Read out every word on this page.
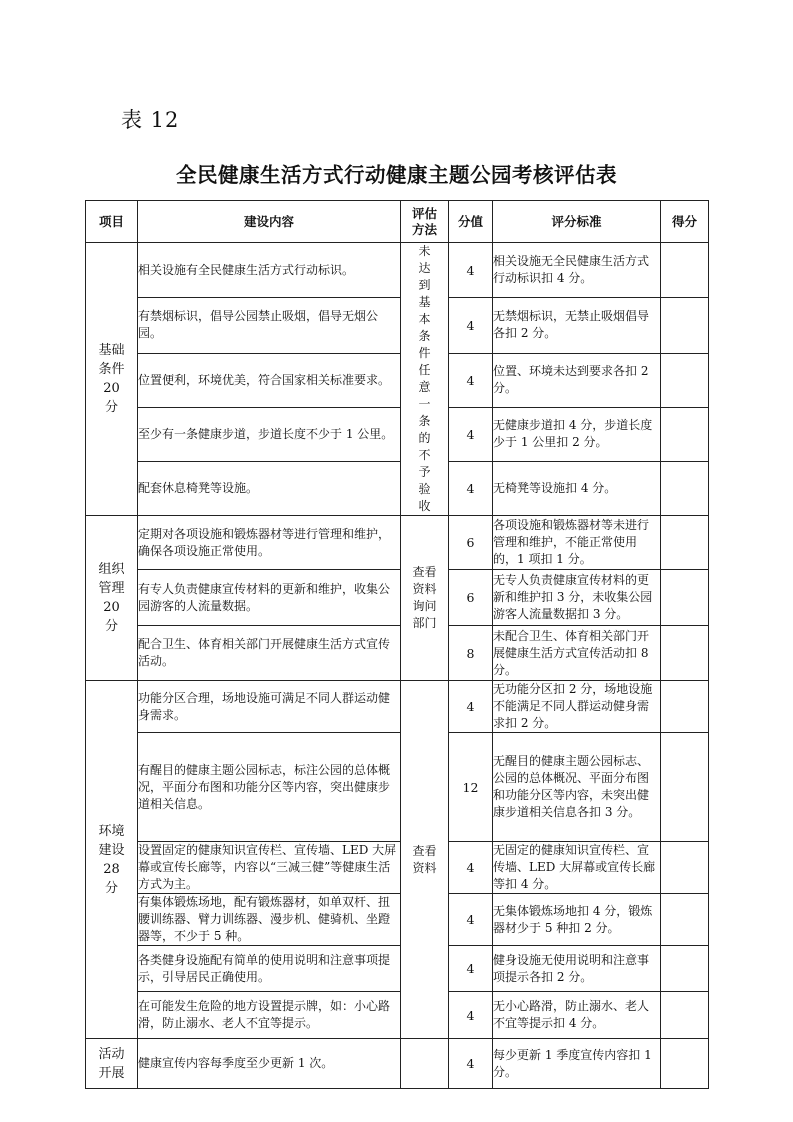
表 12
全民健康生活方式行动健康主题公园考核评估表
项目	建设内容	评估方法	分值	评分标准	得分
基础条件20分	相关设施有全民健康生活方式行动标识。	未达到基本条件任意一条的不予验收	4	相关设施无全民健康生活方式行动标识扣 4 分。	
	有禁烟标识，倡导公园禁止吸烟，倡导无烟公园。		4	无禁烟标识，无禁止吸烟倡导各扣 2 分。	
	位置便利，环境优美，符合国家相关标准要求。		4	位置、环境未达到要求各扣 2 分。	
	至少有一条健康步道，步道长度不少于 1 公里。		4	无健康步道扣 4 分，步道长度少于 1 公里扣 2 分。	
	配套休息椅凳等设施。		4	无椅凳等设施扣 4 分。	
组织管理20分	定期对各项设施和锻炼器材等进行管理和维护，确保各项设施正常使用。	查看资料询问部门	6	各项设施和锻炼器材等未进行管理和维护，不能正常使用的，1 项扣 1 分。	
	有专人负责健康宣传材料的更新和维护，收集公园游客的人流量数据。		6	无专人负责健康宣传材料的更新和维护扣 3 分，未收集公园游客人流量数据扣 3 分。	
	配合卫生、体育相关部门开展健康生活方式宣传活动。		8	未配合卫生、体育相关部门开展健康生活方式宣传活动扣 8 分。	
环境建设28分	功能分区合理，场地设施可满足不同人群运动健身需求。	查看资料	4	无功能分区扣 2 分，场地设施不能满足不同人群运动健身需求扣 2 分。	
	有醒目的健康主题公园标志，标注公园的总体概况，平面分布图和功能分区等内容，突出健康步道相关信息。		12	无醒目的健康主题公园标志、公园的总体概况、平面分布图和功能分区等内容，未突出健康步道相关信息各扣 3 分。	
	设置固定的健康知识宣传栏、宣传墙、LED 大屏幕或宣传长廊等，内容以“三减三健”等健康生活方式为主。		4	无固定的健康知识宣传栏、宣传墙、LED 大屏幕或宣传长廊等扣 4 分。	
	有集体锻炼场地，配有锻炼器材，如单双杆、扭腰训练器、臂力训练器、漫步机、健骑机、坐蹬器等，不少于 5 种。		4	无集体锻炼场地扣 4 分，锻炼器材少于 5 种扣 2 分。	
	各类健身设施配有简单的使用说明和注意事项提示，引导居民正确使用。		4	健身设施无使用说明和注意事项提示各扣 2 分。	
	在可能发生危险的地方设置提示牌，如：小心路滑，防止溺水、老人不宜等提示。		4	无小心路滑，防止溺水、老人不宜等提示扣 4 分。	
活动开展	健康宣传内容每季度至少更新 1 次。		4	每少更新 1 季度宣传内容扣 1 分。	
